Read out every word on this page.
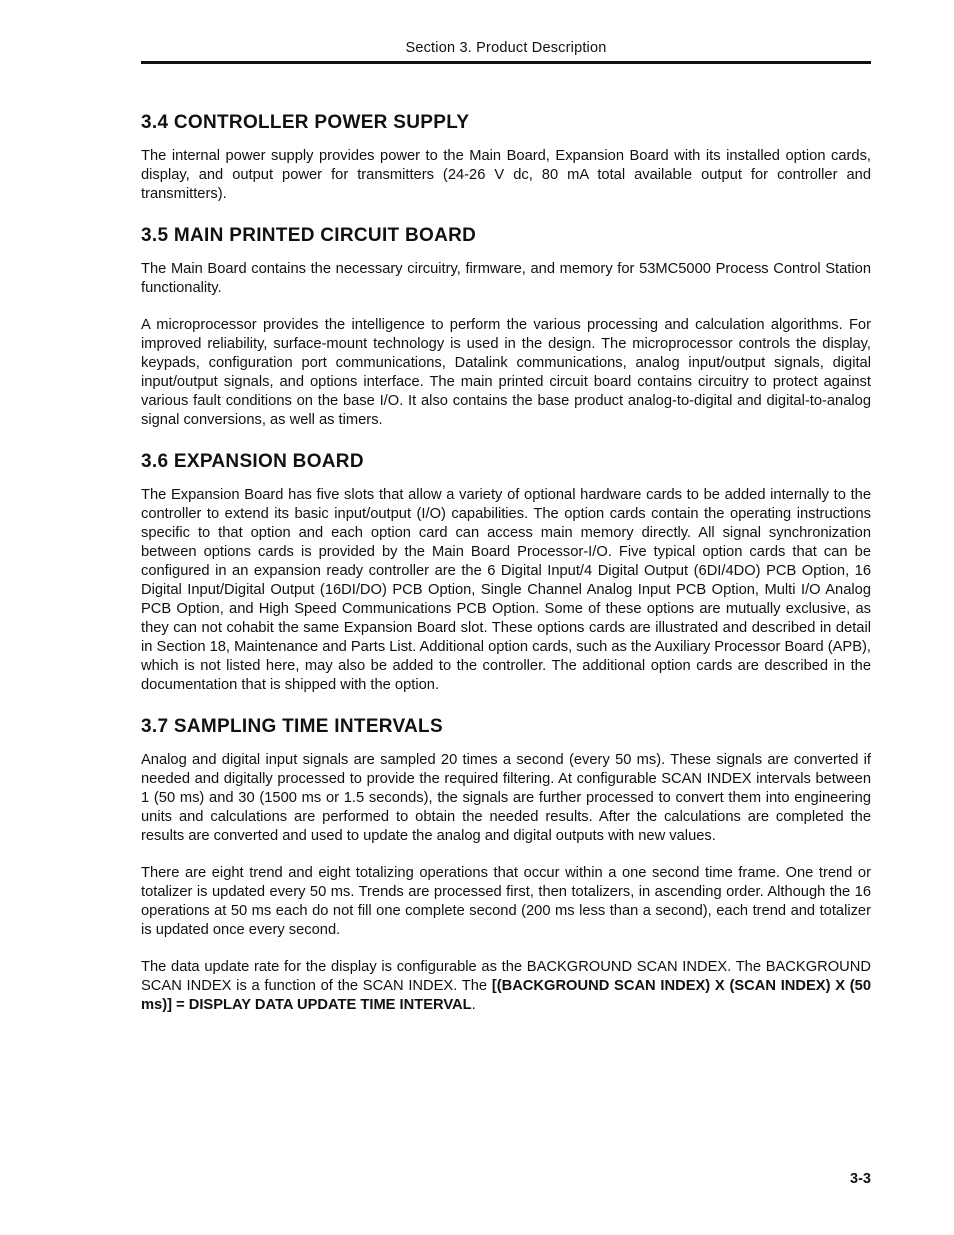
Section 3. Product Description
3.4 CONTROLLER POWER SUPPLY

The internal power supply provides power to the Main Board, Expansion Board with its installed option cards, display, and output power for transmitters (24-26 V dc, 80 mA total available output for controller and transmitters).

3.5 MAIN PRINTED CIRCUIT BOARD

The Main Board contains the necessary circuitry, firmware, and memory for 53MC5000 Process Control Station functionality.

A microprocessor provides the intelligence to perform the various processing and calculation algorithms. For improved reliability, surface-mount technology is used in the design. The microprocessor controls the display, keypads, configuration port communications, Datalink communications, analog input/output signals, digital input/output signals, and options interface. The main printed circuit board contains circuitry to protect against various fault conditions on the base I/O. It also contains the base product analog-to-digital and digital-to-analog signal conversions, as well as timers.

3.6 EXPANSION BOARD

The Expansion Board has five slots that allow a variety of optional hardware cards to be added internally to the controller to extend its basic input/output (I/O) capabilities. The option cards contain the operating instructions specific to that option and each option card can access main memory directly. All signal synchronization between options cards is provided by the Main Board Processor-I/O. Five typical option cards that can be configured in an expansion ready controller are the 6 Digital Input/4 Digital Output (6DI/4DO) PCB Option, 16 Digital Input/Digital Output (16DI/DO) PCB Option, Single Channel Analog Input PCB Option, Multi I/O Analog PCB Option, and High Speed Communications PCB Option. Some of these options are mutually exclusive, as they can not cohabit the same Expansion Board slot. These options cards are illustrated and described in detail in Section 18, Maintenance and Parts List. Additional option cards, such as the Auxiliary Processor Board (APB), which is not listed here, may also be added to the controller. The additional option cards are described in the documentation that is shipped with the option.

3.7 SAMPLING TIME INTERVALS

Analog and digital input signals are sampled 20 times a second (every 50 ms). These signals are converted if needed and digitally processed to provide the required filtering. At configurable SCAN INDEX intervals between 1 (50 ms) and 30 (1500 ms or 1.5 seconds), the signals are further processed to convert them into engineering units and calculations are performed to obtain the needed results. After the calculations are completed the results are converted and used to update the analog and digital outputs with new values.

There are eight trend and eight totalizing operations that occur within a one second time frame. One trend or totalizer is updated every 50 ms. Trends are processed first, then totalizers, in ascending order. Although the 16 operations at 50 ms each do not fill one complete second (200 ms less than a second), each trend and totalizer is updated once every second.

The data update rate for the display is configurable as the BACKGROUND SCAN INDEX. The BACKGROUND SCAN INDEX is a function of the SCAN INDEX. The [(BACKGROUND SCAN INDEX) X (SCAN INDEX) X (50 ms)] = DISPLAY DATA UPDATE TIME INTERVAL.

3-3
